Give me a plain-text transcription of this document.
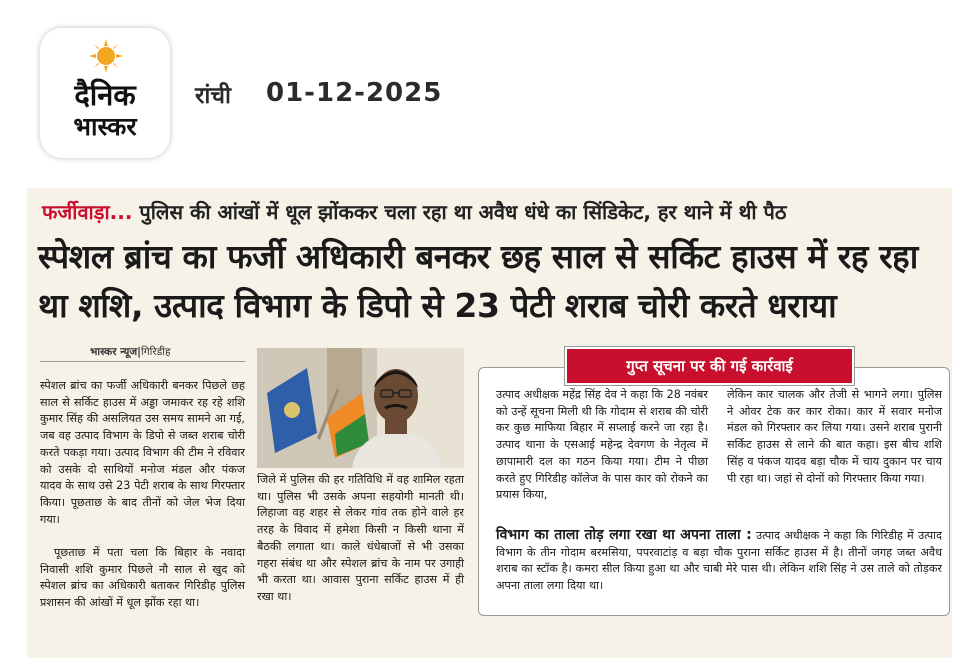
दैनिक
भास्कर
रांची 01-12-2025
फर्जीवाड़ा... पुलिस की आंखों में धूल झोंककर चला रहा था अवैध धंधे का सिंडिकेट, हर थाने में थी पैठ
स्पेशल ब्रांच का फर्जी अधिकारी बनकर छह साल से सर्किट हाउस में रह रहा था शशि, उत्पाद विभाग के डिपो से 23 पेटी शराब चोरी करते धराया
भास्कर न्यूज|गिरिडीह
स्पेशल ब्रांच का फर्जी अधिकारी बनकर पिछले छह साल से सर्किट हाउस में अड्डा जमाकर रह रहे शशि कुमार सिंह की असलियत उस समय सामने आ गई, जब वह उत्पाद विभाग के डिपो से जब्त शराब चोरी करते पकड़ा गया। उत्पाद विभाग की टीम ने रविवार को उसके दो साथियों मनोज मंडल और पंकज यादव के साथ उसे 23 पेटी शराब के साथ गिरफ्तार किया। पूछताछ के बाद तीनों को जेल भेज दिया गया।
पूछताछ में पता चला कि बिहार के नवादा निवासी शशि कुमार पिछले नौ साल से खुद को स्पेशल ब्रांच का अधिकारी बताकर गिरिडीह पुलिस प्रशासन की आंखों में धूल झोंक रहा था।
जिले में पुलिस की हर गतिविधि में वह शामिल रहता था। पुलिस भी उसके अपना सहयोगी मानती थी। लिहाजा वह शहर से लेकर गांव तक होने वाले हर तरह के विवाद में हमेशा किसी न किसी थाना में बैठकी लगाता था। काले धंधेबाजों से भी उसका गहरा संबंध था और स्पेशल ब्रांच के नाम पर उगाही भी करता था। आवास पुराना सर्किट हाउस में ही रखा था।
गुप्त सूचना पर की गई कार्रवाई
उत्पाद अधीक्षक महेंद्र सिंह देव ने कहा कि 28 नवंबर को उन्हें सूचना मिली थी कि गोदाम से शराब की चोरी कर कुछ माफिया बिहार में सप्लाई करने जा रहा है। उत्पाद थाना के एसआई महेन्द्र देवगण के नेतृत्व में छापामारी दल का गठन किया गया। टीम ने पीछा करते हुए गिरिडीह कॉलेज के पास कार को रोकने का प्रयास किया,
लेकिन कार चालक और तेजी से भागने लगा। पुलिस ने ओवर टेक कर कार रोका। कार में सवार मनोज मंडल को गिरफ्तार कर लिया गया। उसने शराब पुरानी सर्किट हाउस से लाने की बात कहा। इस बीच शशि सिंह व पंकज यादव बड़ा चौक में चाय दुकान पर चाय पी रहा था। जहां से दोनों को गिरफ्तार किया गया।
विभाग का ताला तोड़ लगा रखा था अपना ताला : उत्पाद अधीक्षक ने कहा कि गिरिडीह में उत्पाद विभाग के तीन गोदाम बरमसिया, पपरवाटांड़ व बड़ा चौक पुराना सर्किट हाउस में है। तीनों जगह जब्त अवैध शराब का स्टॉक है। कमरा सील किया हुआ था और चाबी मेरे पास थी। लेकिन शशि सिंह ने उस ताले को तोड़कर अपना ताला लगा दिया था।
